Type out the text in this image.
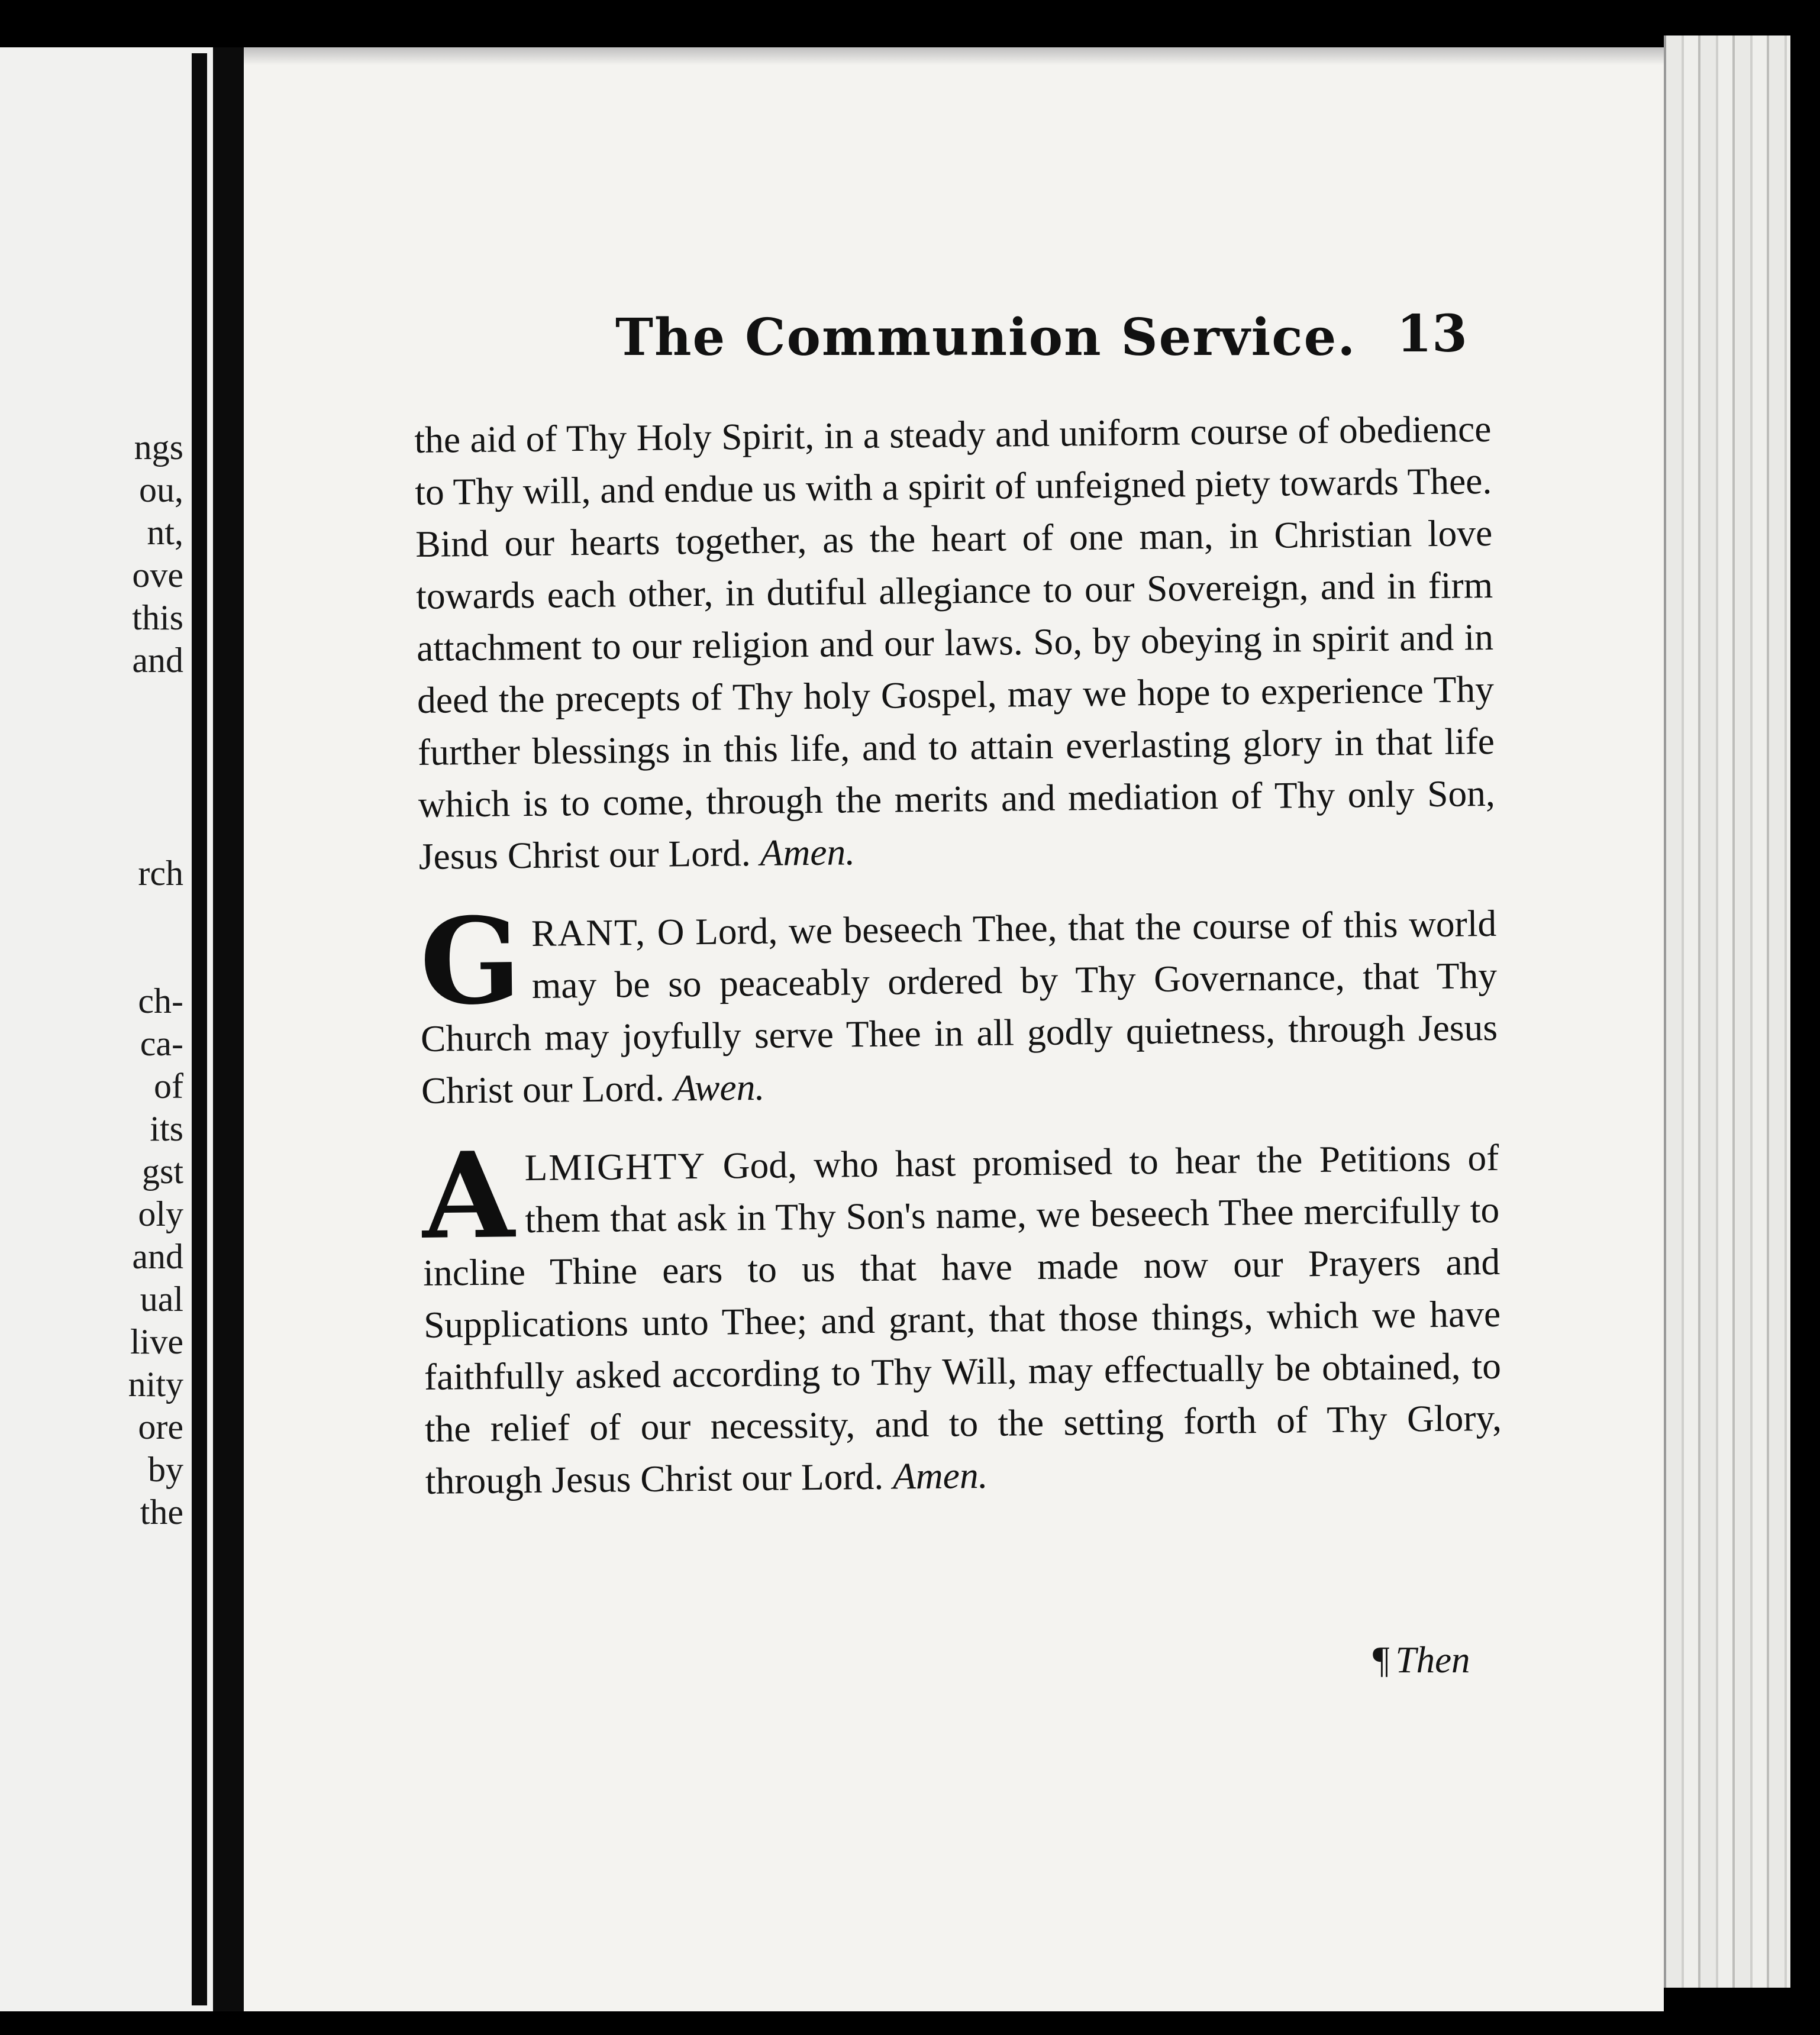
ngs
ou,
nt,
ove
this
and
rch
ch-
ca-
of
its
gst
oly
and
ual
live
nity
ore
by
the
The Communion Service. 13

the aid of Thy Holy Spirit, in a steady and uniform course of obedience to Thy will, and endue us with a spirit of unfeigned piety towards Thee. Bind our hearts together, as the heart of one man, in Christian love towards each other, in dutiful allegiance to our Sovereign, and in firm attachment to our religion and our laws. So, by obeying in spirit and in deed the precepts of Thy holy Gospel, may we hope to experience Thy further blessings in this life, and to attain everlasting glory in that life which is to come, through the merits and mediation of Thy only Son, Jesus Christ our Lord. Amen.

G RANT, O Lord, we beseech Thee, that the course of this world may be so peaceably ordered by Thy Governance, that Thy Church may joyfully serve Thee in all godly quietness, through Jesus Christ our Lord. Awen.

A LMIGHTY God, who hast promised to hear the Petitions of them that ask in Thy Son's name, we beseech Thee mercifully to incline Thine ears to us that have made now our Prayers and Supplications unto Thee; and grant, that those things, which we have faithfully asked according to Thy Will, may effectually be obtained, to the relief of our necessity, and to the setting forth of Thy Glory, through Jesus Christ our Lord. Amen.

¶ Then
